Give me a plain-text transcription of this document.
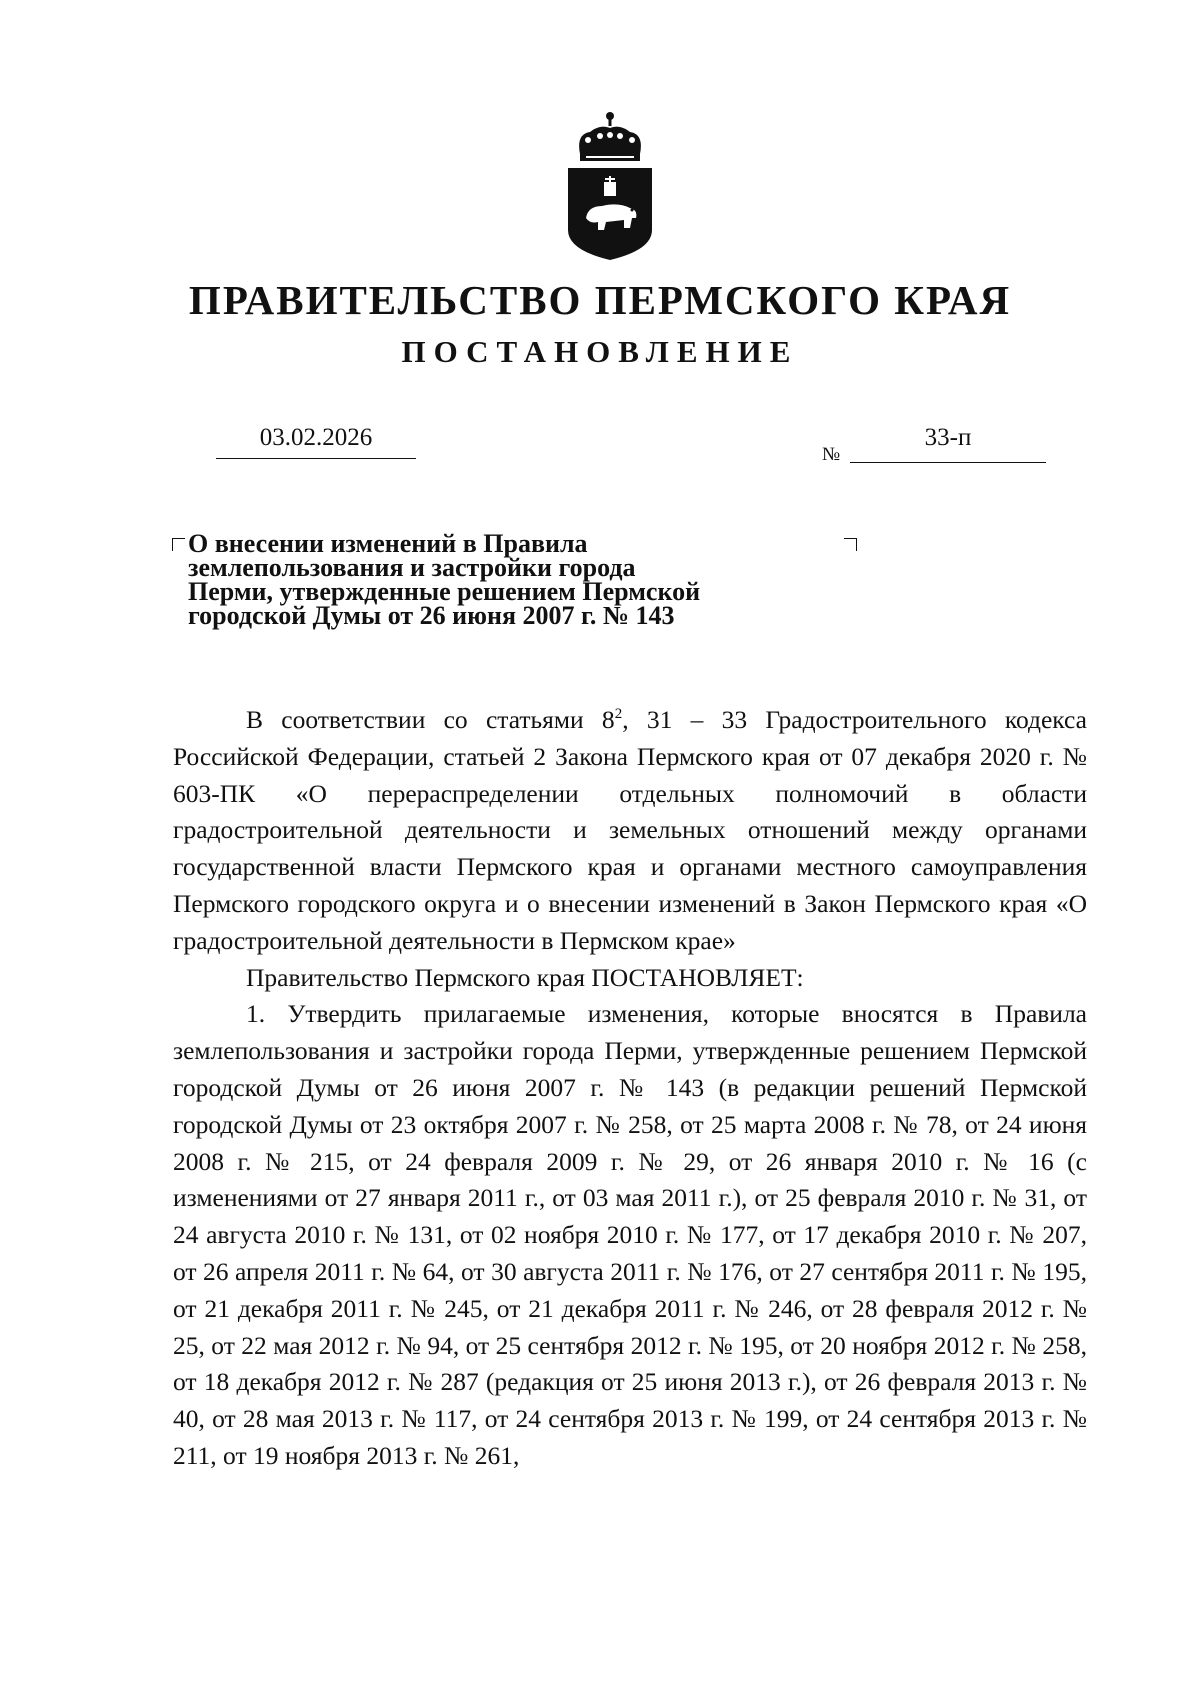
ПРАВИТЕЛЬСТВО ПЕРМСКОГО КРАЯ
ПОСТАНОВЛЕНИЕ
03.02.2026
№
33-п

О внесении изменений в Правила
землепользования и застройки города
Перми, утвержденные решением Пермской
городской Думы от 26 июня 2007 г. № 143

В соответствии со статьями $8^2$, 31 – 33 Градостроительного кодекса Российской Федерации, статьей 2 Закона Пермского края от 07 декабря 2020 г. № 603-ПК «О перераспределении отдельных полномочий в области градостроительной деятельности и земельных отношений между органами государственной власти Пермского края и органами местного самоуправления Пермского городского округа и о внесении изменений в Закон Пермского края «О градостроительной деятельности в Пермском крае»

Правительство Пермского края ПОСТАНОВЛЯЕТ:

1. Утвердить прилагаемые изменения, которые вносятся в Правила землепользования и застройки города Перми, утвержденные решением Пермской городской Думы от 26 июня 2007 г. № 143 (в редакции решений Пермской городской Думы от 23 октября 2007 г. № 258, от 25 марта 2008 г. № 78, от 24 июня 2008 г. № 215, от 24 февраля 2009 г. № 29, от 26 января 2010 г. № 16 (с изменениями от 27 января 2011 г., от 03 мая 2011 г.), от 25 февраля 2010 г. № 31, от 24 августа 2010 г. № 131, от 02 ноября 2010 г. № 177, от 17 декабря 2010 г. № 207, от 26 апреля 2011 г. № 64, от 30 августа 2011 г. № 176, от 27 сентября 2011 г. № 195, от 21 декабря 2011 г. № 245, от 21 декабря 2011 г. № 246, от 28 февраля 2012 г. № 25, от 22 мая 2012 г. № 94, от 25 сентября 2012 г. № 195, от 20 ноября 2012 г. № 258, от 18 декабря 2012 г. № 287 (редакция от 25 июня 2013 г.), от 26 февраля 2013 г. № 40, от 28 мая 2013 г. № 117, от 24 сентября 2013 г. № 199, от 24 сентября 2013 г. № 211, от 19 ноября 2013 г. № 261,
